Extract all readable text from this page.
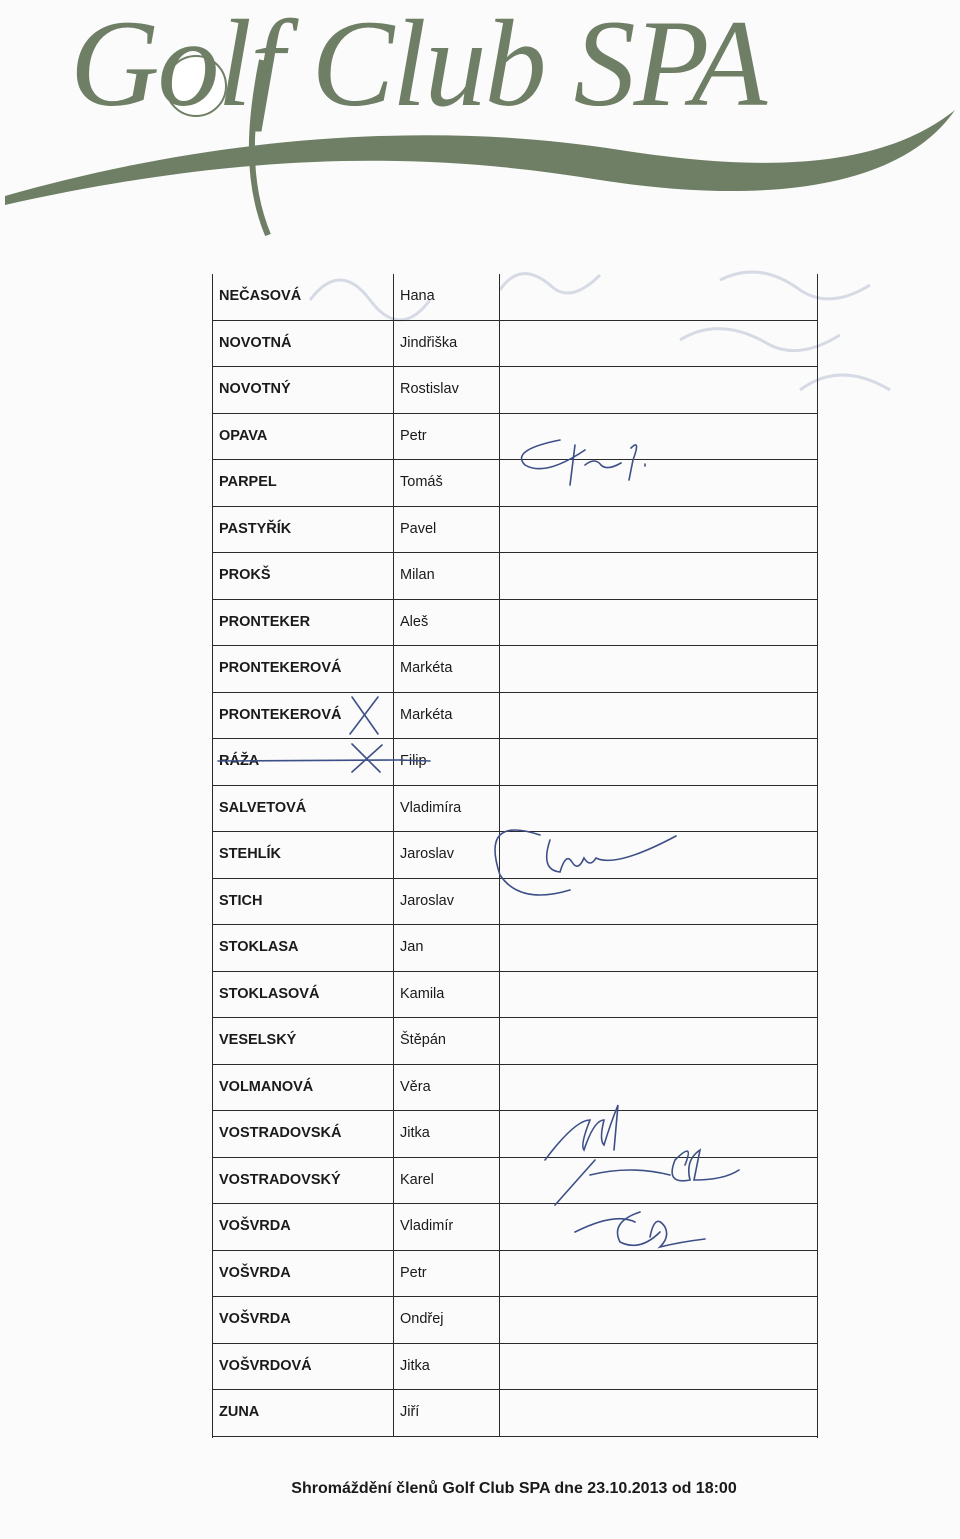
Golf Club SPA
NEČASOVÁ	Hana
NOVOTNÁ	Jindřiška
NOVOTNÝ	Rostislav
OPAVA	Petr
PARPEL	Tomáš
PASTYŘÍK	Pavel
PROKŠ	Milan
PRONTEKER	Aleš
PRONTEKEROVÁ	Markéta
PRONTEKEROVÁ	Markéta
RÁŽA	Filip
SALVETOVÁ	Vladimíra
STEHLÍK	Jaroslav
STICH	Jaroslav
STOKLASA	Jan
STOKLASOVÁ	Kamila
VESELSKÝ	Štěpán
VOLMANOVÁ	Věra
VOSTRADOVSKÁ	Jitka
VOSTRADOVSKÝ	Karel
VOŠVRDA	Vladimír
VOŠVRDA	Petr
VOŠVRDA	Ondřej
VOŠVRDOVÁ	Jitka
ZUNA	Jiří
Shromáždění členů Golf Club SPA dne 23.10.2013 od 18:00
